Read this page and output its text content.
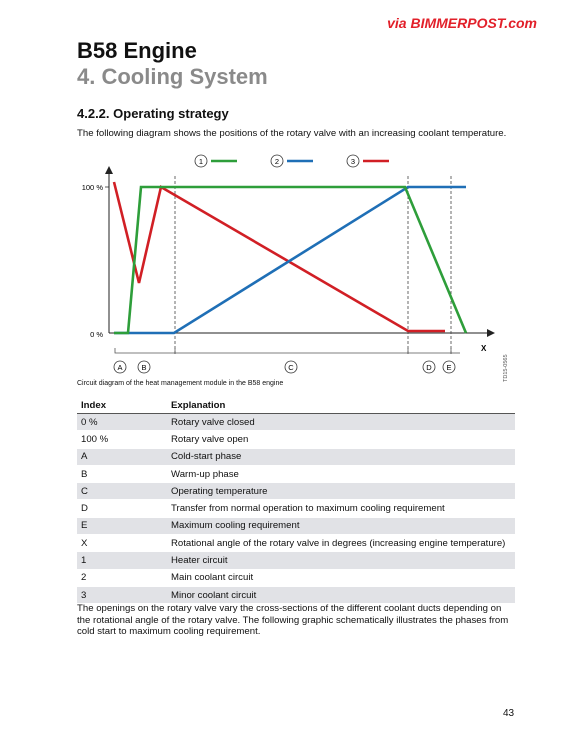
via BIMMERPOST.com
B58 Engine
4. Cooling System
4.2.2. Operating strategy
The following diagram shows the positions of the rotary valve with an increasing coolant temperature.
1	2	3
100 %
0 %
X
A	B	C	D E	TD15-0565
Circuit diagram of the heat management module in the B58 engine
Index	Explanation
0 %	Rotary valve closed
100 %	Rotary valve open
A	Cold-start phase
B	Warm-up phase
C	Operating temperature
D	Transfer from normal operation to maximum cooling requirement
E	Maximum cooling requirement
X	Rotational angle of the rotary valve in degrees (increasing engine temperature)
1	Heater circuit
2	Main coolant circuit
3	Minor coolant circuit
The openings on the rotary valve vary the cross-sections of the different coolant ducts depending on the rotational angle of the rotary valve. The following graphic schematically illustrates the phases from cold start to maximum cooling requirement.
43
